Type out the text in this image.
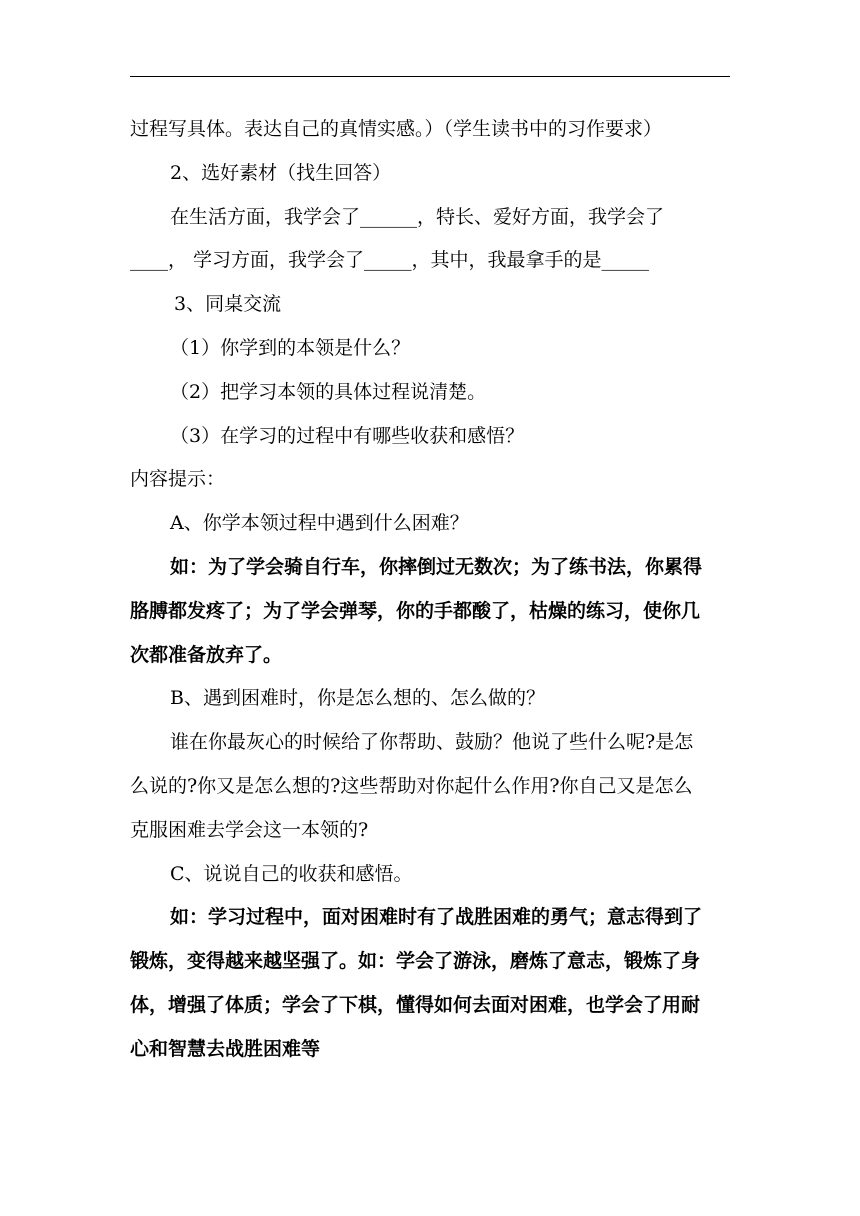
过程写具体。表达自己的真情实感。）（学生读书中的习作要求）

2、选好素材（找生回答）

在生活方面，我学会了______，特长、爱好方面，我学会了

____， 学习方面，我学会了_____，其中，我最拿手的是_____

3、同桌交流

（1）你学到的本领是什么？

（2）把学习本领的具体过程说清楚。

（3）在学习的过程中有哪些收获和感悟？

内容提示：

A、你学本领过程中遇到什么困难？

如：为了学会骑自行车，你摔倒过无数次；为了练书法，你累得

胳膊都发疼了；为了学会弹琴，你的手都酸了，枯燥的练习，使你几

次都准备放弃了。

B、遇到困难时，你是怎么想的、怎么做的？

谁在你最灰心的时候给了你帮助、鼓励？他说了些什么呢?是怎

么说的?你又是怎么想的?这些帮助对你起什么作用?你自己又是怎么

克服困难去学会这一本领的?

C、说说自己的收获和感悟。

如：学习过程中，面对困难时有了战胜困难的勇气；意志得到了

锻炼，变得越来越坚强了。如：学会了游泳，磨炼了意志，锻炼了身

体，增强了体质；学会了下棋，懂得如何去面对困难，也学会了用耐

心和智慧去战胜困难等
